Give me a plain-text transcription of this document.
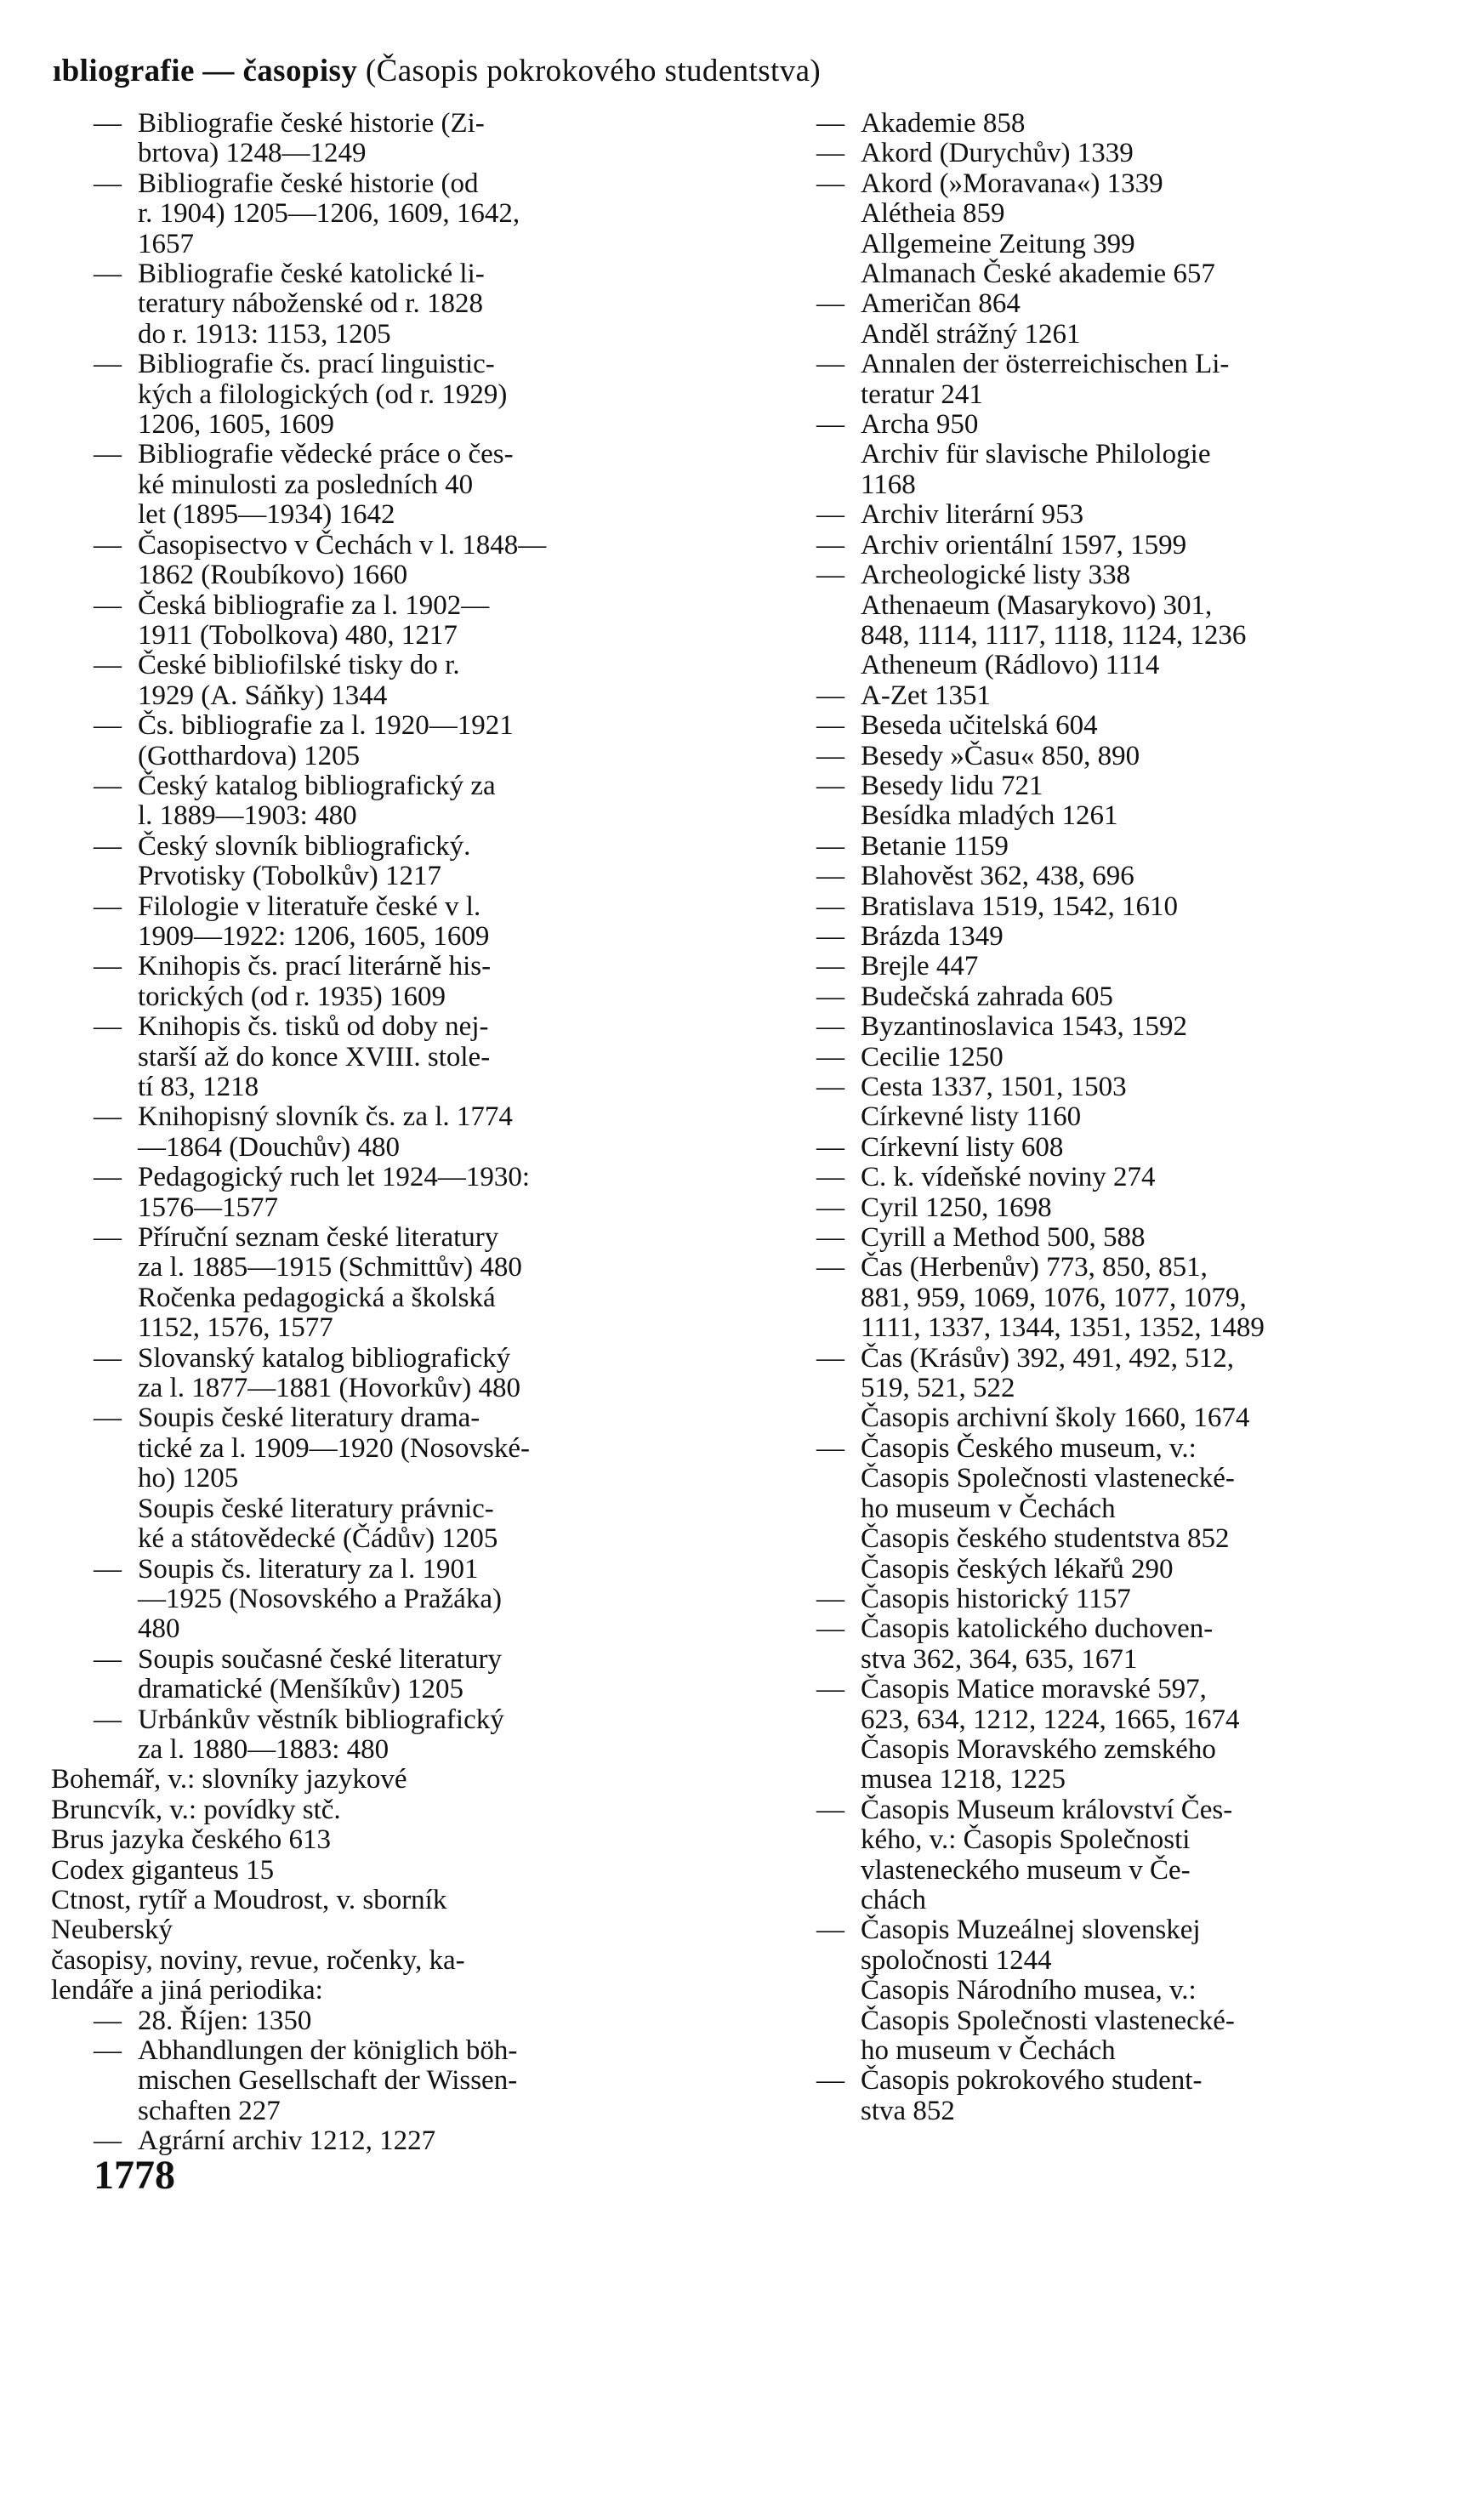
ıbliografie — časopisy (Časopis pokrokového studentstva)
— Bibliografie české historie (Zi-
brtova) 1248—1249
— Bibliografie české historie (od
r. 1904) 1205—1206, 1609, 1642,
1657
— Bibliografie české katolické li-
teratury náboženské od r. 1828
do r. 1913: 1153, 1205
— Bibliografie čs. prací linguistic-
kých a filologických (od r. 1929)
1206, 1605, 1609
— Bibliografie vědecké práce o čes-
ké minulosti za posledních 40
let (1895—1934) 1642
— Časopisectvo v Čechách v l. 1848—
1862 (Roubíkovo) 1660
— Česká bibliografie za l. 1902—
1911 (Tobolkova) 480, 1217
— České bibliofilské tisky do r.
1929 (A. Sáňky) 1344
— Čs. bibliografie za l. 1920—1921
(Gotthardova) 1205
— Český katalog bibliografický za
l. 1889—1903: 480
— Český slovník bibliografický.
Prvotisky (Tobolkův) 1217
— Filologie v literatuře české v l.
1909—1922: 1206, 1605, 1609
— Knihopis čs. prací literárně his-
torických (od r. 1935) 1609
— Knihopis čs. tisků od doby nej-
starší až do konce XVIII. stole-
tí 83, 1218
— Knihopisný slovník čs. za l. 1774
—1864 (Douchův) 480
— Pedagogický ruch let 1924—1930:
1576—1577
— Příruční seznam české literatury
za l. 1885—1915 (Schmittův) 480
Ročenka pedagogická a školská
1152, 1576, 1577
— Slovanský katalog bibliografický
za l. 1877—1881 (Hovorkův) 480
— Soupis české literatury drama-
tické za l. 1909—1920 (Nosovské-
ho) 1205
Soupis české literatury právnic-
ké a státovědecké (Čádův) 1205
— Soupis čs. literatury za l. 1901
—1925 (Nosovského a Pražáka)
480
— Soupis současné české literatury
dramatické (Menšíkův) 1205
— Urbánkův věstník bibliografický
za l. 1880—1883: 480
Bohemář, v.: slovníky jazykové
Bruncvík, v.: povídky stč.
Brus jazyka českého 613
Codex giganteus 15
Ctnost, rytíř a Moudrost, v. sborník
Neuberský
časopisy, noviny, revue, ročenky, ka-
lendáře a jiná periodika:
— 28. Říjen: 1350
— Abhandlungen der königlich böh-
mischen Gesellschaft der Wissen-
schaften 227
— Agrární archiv 1212, 1227
— Akademie 858
— Akord (Durychův) 1339
— Akord (»Moravana«) 1339
Alétheia 859
Allgemeine Zeitung 399
Almanach České akademie 657
— Američan 864
Anděl strážný 1261
— Annalen der österreichischen Li-
teratur 241
— Archa 950
Archiv für slavische Philologie
1168
— Archiv literární 953
— Archiv orientální 1597, 1599
— Archeologické listy 338
Athenaeum (Masarykovo) 301,
848, 1114, 1117, 1118, 1124, 1236
Atheneum (Rádlovo) 1114
— A-Zet 1351
— Beseda učitelská 604
— Besedy »Času« 850, 890
— Besedy lidu 721
Besídka mladých 1261
— Betanie 1159
— Blahověst 362, 438, 696
— Bratislava 1519, 1542, 1610
— Brázda 1349
— Brejle 447
— Budečská zahrada 605
— Byzantinoslavica 1543, 1592
— Cecilie 1250
— Cesta 1337, 1501, 1503
Církevné listy 1160
— Církevní listy 608
— C. k. vídeňské noviny 274
— Cyril 1250, 1698
— Cyrill a Method 500, 588
— Čas (Herbenův) 773, 850, 851,
881, 959, 1069, 1076, 1077, 1079,
1111, 1337, 1344, 1351, 1352, 1489
— Čas (Krásův) 392, 491, 492, 512,
519, 521, 522
Časopis archivní školy 1660, 1674
— Časopis Českého museum, v.:
Časopis Společnosti vlastenecké-
ho museum v Čechách
Časopis českého studentstva 852
Časopis českých lékařů 290
— Časopis historický 1157
— Časopis katolického duchoven-
stva 362, 364, 635, 1671
— Časopis Matice moravské 597,
623, 634, 1212, 1224, 1665, 1674
Časopis Moravského zemského
musea 1218, 1225
— Časopis Museum království Čes-
kého, v.: Časopis Společnosti
vlasteneckého museum v Če-
chách
— Časopis Muzeálnej slovenskej
spoločnosti 1244
Časopis Národního musea, v.:
Časopis Společnosti vlastenecké-
ho museum v Čechách
— Časopis pokrokového student-
stva 852
1778
